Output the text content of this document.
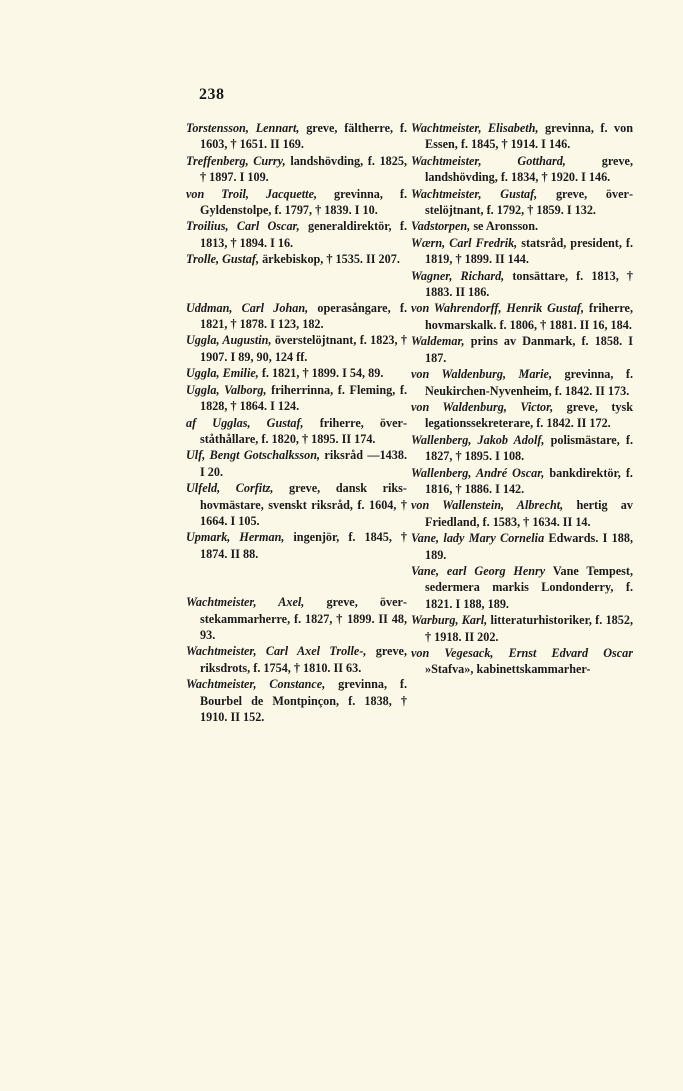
238

Torstensson, Lennart, greve, fältherre, f. 1603, † 1651. II 169.

Treffenberg, Curry, landshövding, f. 1825, † 1897. I 109.

von Troil, Jacquette, grevinna, f. Gyldenstolpe, f. 1797, † 1839. I 10.

Troilius, Carl Oscar, generaldirektör, f. 1813, † 1894. I 16.

Trolle, Gustaf, ärkebiskop, † 1535. II 207.

Uddman, Carl Johan, operasångare, f. 1821, † 1878. I 123, 182.

Uggla, Augustin, överstelöjtnant, f. 1823, † 1907. I 89, 90, 124 ff.

Uggla, Emilie, f. 1821, † 1899. I 54, 89.

Uggla, Valborg, friherrinna, f. Fleming, f. 1828, † 1864. I 124.

af Ugglas, Gustaf, friherre, överståthållare, f. 1820, † 1895. II 174.

Ulf, Bengt Gotschalksson, riksråd —1438. I 20.

Ulfeld, Corfitz, greve, dansk rikshovmästare, svenskt riksråd, f. 1604, † 1664. I 105.

Upmark, Herman, ingenjör, f. 1845, † 1874. II 88.

Wachtmeister, Axel, greve, överstekammarherre, f. 1827, † 1899. II 48, 93.

Wachtmeister, Carl Axel Trolle-, greve, riksdrots, f. 1754, † 1810. II 63.

Wachtmeister, Constance, grevinna, f. Bourbel de Montpinçon, f. 1838, † 1910. II 152.

Wachtmeister, Elisabeth, grevinna, f. von Essen, f. 1845, † 1914. I 146.

Wachtmeister, Gotthard, greve, landshövding, f. 1834, † 1920. I 146.

Wachtmeister, Gustaf, greve, överstelöjtnant, f. 1792, † 1859. I 132.

Vadstorpen, se Aronsson.

Wærn, Carl Fredrik, statsråd, president, f. 1819, † 1899. II 144.

Wagner, Richard, tonsättare, f. 1813, † 1883. II 186.

von Wahrendorff, Henrik Gustaf, friherre, hovmarskalk. f. 1806, † 1881. II 16, 184.

Waldemar, prins av Danmark, f. 1858. I 187.

von Waldenburg, Marie, grevinna, f. Neukirchen-Nyvenheim, f. 1842. II 173.

von Waldenburg, Victor, greve, tysk legationssekreterare, f. 1842. II 172.

Wallenberg, Jakob Adolf, polismästare, f. 1827, † 1895. I 108.

Wallenberg, André Oscar, bankdirektör, f. 1816, † 1886. I 142.

von Wallenstein, Albrecht, hertig av Friedland, f. 1583, † 1634. II 14.

Vane, lady Mary Cornelia Edwards. I 188, 189.

Vane, earl Georg Henry Vane Tempest, sedermera markis Londonderry, f. 1821. I 188, 189.

Warburg, Karl, litteraturhistoriker, f. 1852, † 1918. II 202.

von Vegesack, Ernst Edvard Oscar »Stafva», kabinettskammarher-
